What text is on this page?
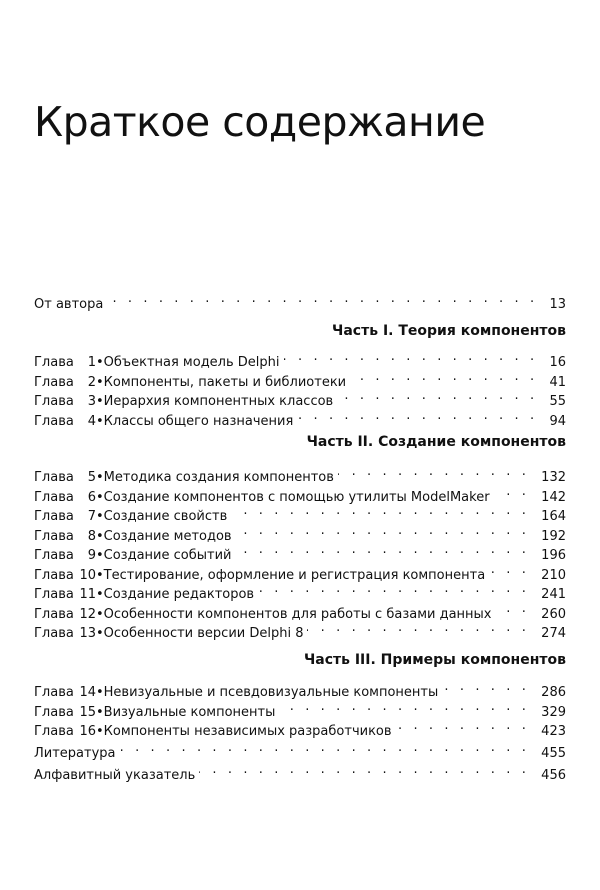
Краткое содержание
От автора . . .	13
Часть I. Теория компонентов
Глава 1 • Объектная модель Delphi . . .	16
Глава 2 • Компоненты, пакеты и библиотеки . . .	41
Глава 3 • Иерархия компонентных классов . . .	55
Глава 4 • Классы общего назначения . . .	94
Часть II. Создание компонентов
Глава 5 • Методика создания компонентов . . .	132
Глава 6 • Создание компонентов с помощью утилиты ModelMaker . . .	142
Глава 7 • Создание свойств . . .	164
Глава 8 • Создание методов . . .	192
Глава 9 • Создание событий . . .	196
Глава 10 • Тестирование, оформление и регистрация компонента . . .	210
Глава 11 • Создание редакторов . . .	241
Глава 12 • Особенности компонентов для работы с базами данных . . .	260
Глава 13 • Особенности версии Delphi 8 . . .	274
Часть III. Примеры компонентов
Глава 14 • Невизуальные и псевдовизуальные компоненты . . .	286
Глава 15 • Визуальные компоненты . . .	329
Глава 16 • Компоненты независимых разработчиков . . .	423
Литература . . .	455
Алфавитный указатель . . .	456
